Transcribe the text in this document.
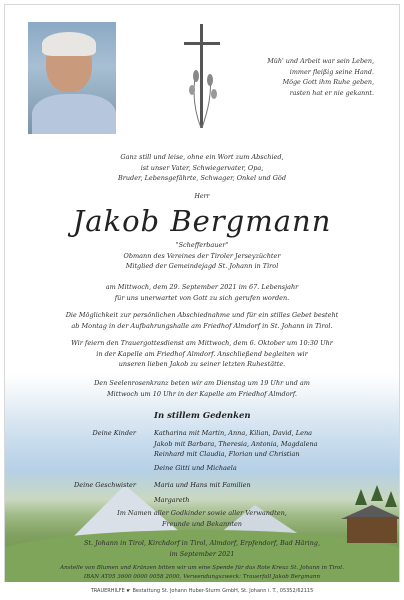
Müh' und Arbeit war sein Leben,
immer fleißig seine Hand.
Möge Gott ihm Ruhe geben,
rasten hat er nie gekannt.
Ganz still und leise, ohne ein Wort zum Abschied,
ist unser Vater, Schwiegervater, Opa,
Bruder, Lebensgefährte, Schwager, Onkel und Göd
Herr
Jakob Bergmann
"Schefferbauer"
Obmann des Vereines der Tiroler Jerseyzüchter
Mitglied der Gemeindejagd St. Johann in Tirol
am Mittwoch, dem 29. September 2021 im 67. Lebensjahr
für uns unerwartet von Gott zu sich gerufen worden.
Die Möglichkeit zur persönlichen Abschiednahme und für ein stilles Gebet besteht
ab Montag in der Aufbahrungshalle am Friedhof Almdorf in St. Johann in Tirol.
Wir feiern den Trauergottesdienst am Mittwoch, dem 6. Oktober um 10:30 Uhr
in der Kapelle am Friedhof Almdorf. Anschließend begleiten wir
unseren lieben Jakob zu seiner letzten Ruhestätte.
Den Seelenrosenkranz beten wir am Dienstag um 19 Uhr und am
Mittwoch um 10 Uhr in der Kapelle am Friedhof Almdorf.
In stillem Gedenken
Deine Kinder	Katharina mit Martin, Anna, Kilian, David, Lena
Jakob mit Barbara, Theresia, Antonia, Magdalena
Reinhard mit Claudia, Florian und Christian
Deine Gitti und Michaela
Deine Geschwister	Maria und Hans mit Familien
Margareth
Im Namen aller Godkinder sowie aller Verwandten,
Freunde und Bekannten
St. Johann in Tirol, Kirchdorf in Tirol, Almdorf, Erpfendorf, Bad Häring,
im September 2021
Anstelle von Blumen und Kränzen bitten wir um eine Spende für das Rote Kreuz St. Johann in Tirol.
IBAN AT05 3600 0000 0058 2000, Verwendungszweck: Trauerfall Jakob Bergmann
TRAUERHILFE ☛ Bestattung St. Johann Huber-Sturm GmbH, St. Johann i. T., 05352/62115
